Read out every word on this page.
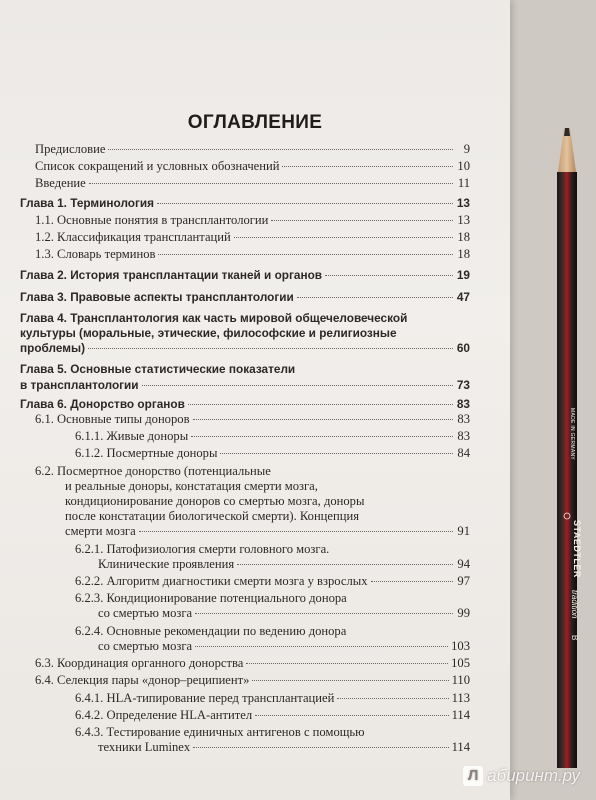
ОГЛАВЛЕНИЕ
Предисловие	9
Список сокращений и условных обозначений	10
Введение	11
Глава 1. Терминология	13
1.1. Основные понятия в трансплантологии	13
1.2. Классификация трансплантаций	18
1.3. Словарь терминов	18
Глава 2. История трансплантации тканей и органов	19
Глава 3. Правовые аспекты трансплантологии	47
Глава 4. Трансплантология как часть мировой общечеловеческой
культуры (моральные, этические, философские и религиозные
проблемы)	60
Глава 5. Основные статистические показатели
в трансплантологии	73
Глава 6. Донорство органов	83
6.1. Основные типы доноров	83
6.1.1. Живые доноры	83
6.1.2. Посмертные доноры	84
6.2. Посмертное донорство (потенциальные
и реальные доноры, констатация смерти мозга,
кондиционирование доноров со смертью мозга, доноры
после констатации биологической смерти). Концепция
смерти мозга	91
6.2.1. Патофизиология смерти головного мозга.
Клинические проявления	94
6.2.2. Алгоритм диагностики смерти мозга у взрослых	97
6.2.3. Кондиционирование потенциального донора
со смертью мозга	99
6.2.4. Основные рекомендации по ведению донора
со смертью мозга	103
6.3. Координация органного донорства	105
6.4. Селекция пары «донор–реципиент»	110
6.4.1. HLA-типирование перед трансплантацией	113
6.4.2. Определение HLA-антител	114
6.4.3. Тестирование единичных антигенов с помощью
техники Luminex	114
MADE IN GERMANY
STAEDTLER
tradition
B
Л абиринт.ру
